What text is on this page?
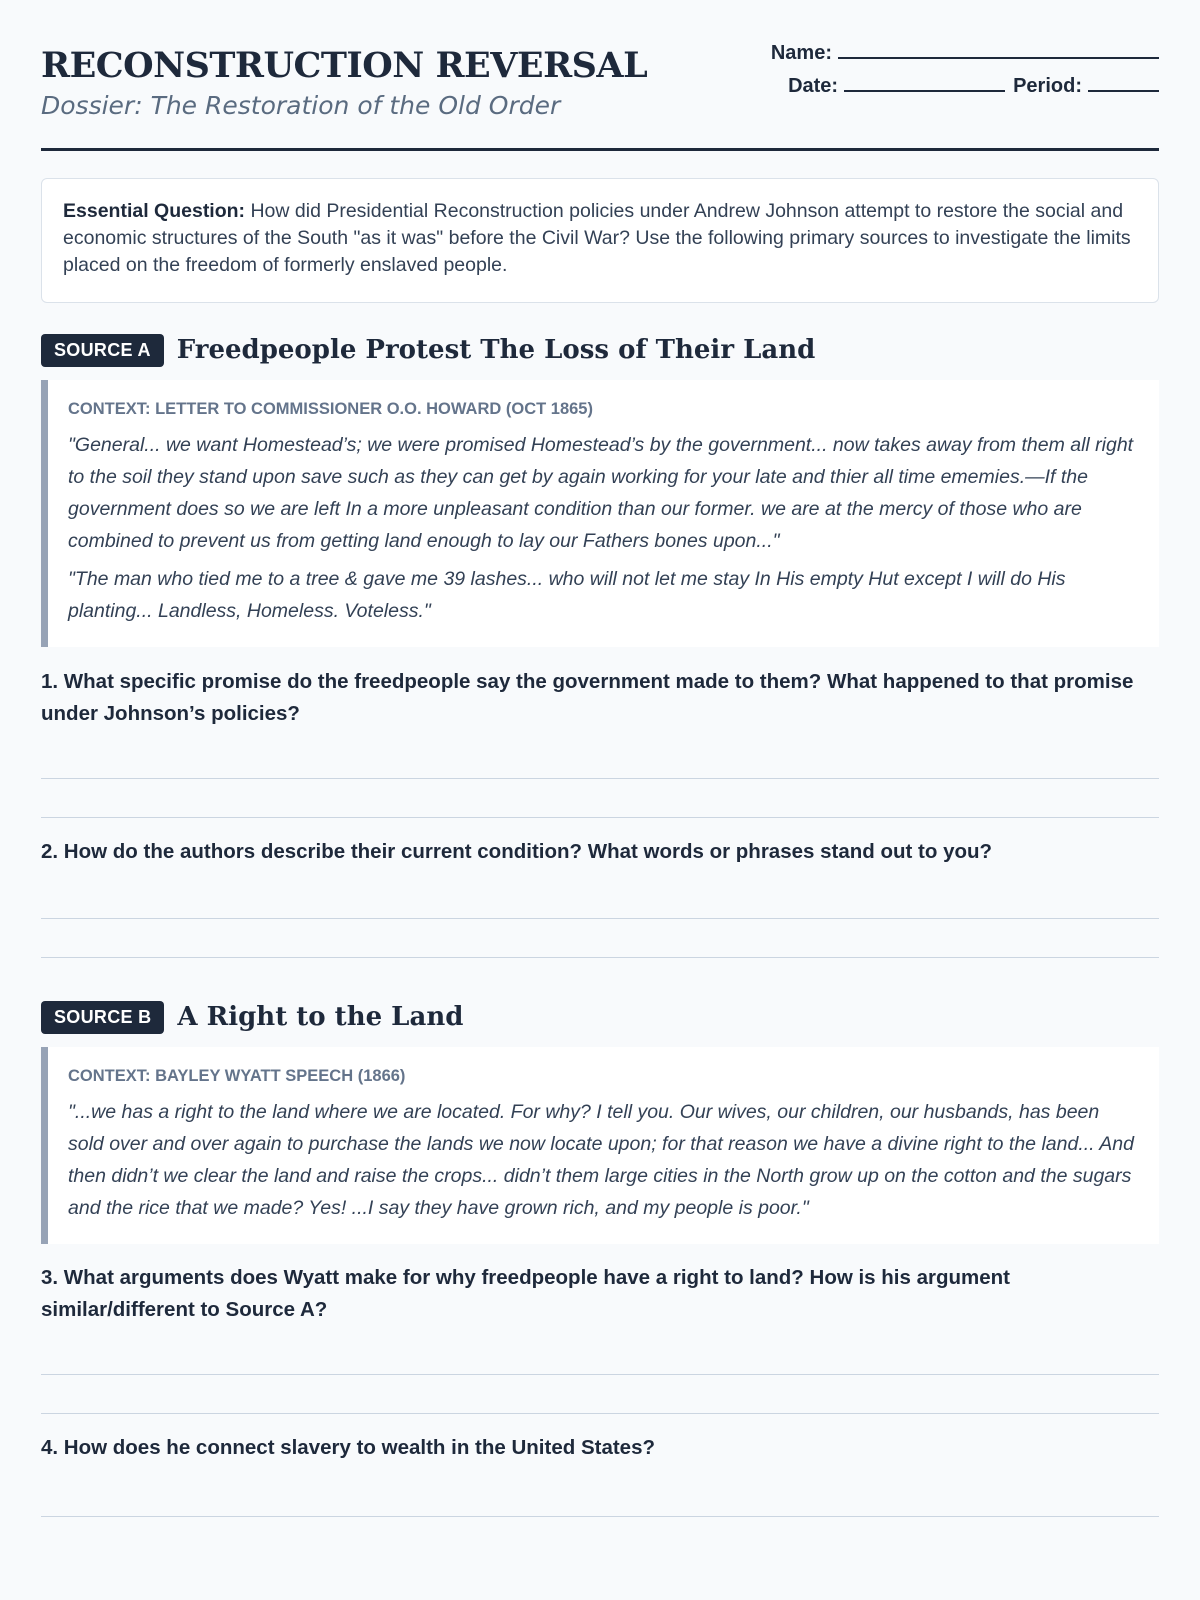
RECONSTRUCTION REVERSAL
Dossier: The Restoration of the Old Order
Name:
Date:	Period:
Essential Question: How did Presidential Reconstruction policies under Andrew Johnson attempt to restore the social and economic structures of the South "as it was" before the Civil War? Use the following primary sources to investigate the limits placed on the freedom of formerly enslaved people.
SOURCE A	Freedpeople Protest The Loss of Their Land
CONTEXT: LETTER TO COMMISSIONER O.O. HOWARD (OCT 1865)
"General... we want Homestead’s; we were promised Homestead’s by the government... now takes away from them all right to the soil they stand upon save such as they can get by again working for your late and thier all time ememies.—If the government does so we are left In a more unpleasant condition than our former. we are at the mercy of those who are combined to prevent us from getting land enough to lay our Fathers bones upon..."
"The man who tied me to a tree & gave me 39 lashes... who will not let me stay In His empty Hut except I will do His planting... Landless, Homeless. Voteless."
1. What specific promise do the freedpeople say the government made to them? What happened to that promise under Johnson’s policies?
2. How do the authors describe their current condition? What words or phrases stand out to you?
SOURCE B	A Right to the Land
CONTEXT: BAYLEY WYATT SPEECH (1866)
"...we has a right to the land where we are located. For why? I tell you. Our wives, our children, our husbands, has been sold over and over again to purchase the lands we now locate upon; for that reason we have a divine right to the land... And then didn’t we clear the land and raise the crops... didn’t them large cities in the North grow up on the cotton and the sugars and the rice that we made? Yes! ...I say they have grown rich, and my people is poor."
3. What arguments does Wyatt make for why freedpeople have a right to land? How is his argument similar/different to Source A?
4. How does he connect slavery to wealth in the United States?
